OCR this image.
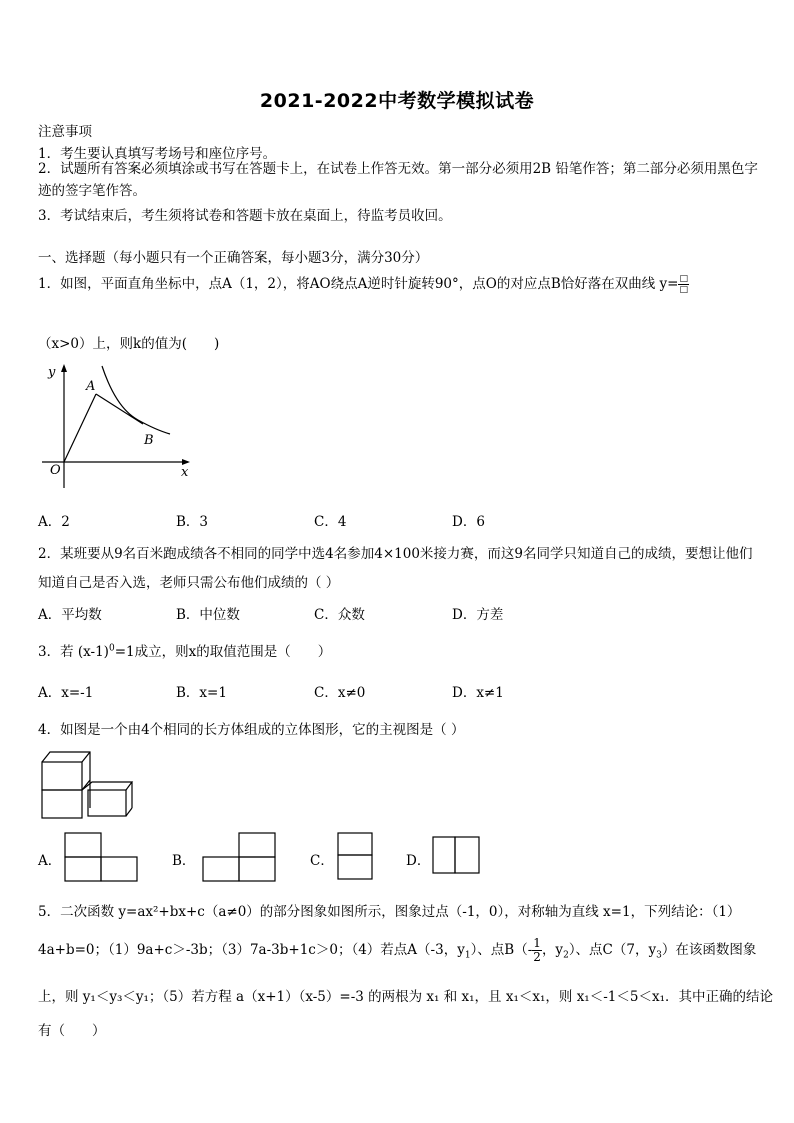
2021-2022中考数学模拟试卷
注意事项
1．考生要认真填写考场号和座位序号。
2．试题所有答案必须填涂或书写在答题卡上，在试卷上作答无效。第一部分必须用2B 铅笔作答；第二部分必须用黑色字迹的签字笔作答。
3．考试结束后，考生须将试卷和答题卡放在桌面上，待监考员收回。
一、选择题（每小题只有一个正确答案，每小题3分，满分30分）
1．如图，平面直角坐标中，点A（1，2），将AO绕点A逆时针旋转90°，点O的对应点B恰好落在双曲线 $y= \frac{□}{□}$
（x>0）上，则k的值为(　　)
y
x
O
A
B
A．2	B．3	C．4	D．6
2．某班要从9名百米跑成绩各不相同的同学中选4名参加4×100米接力赛，而这9名同学只知道自己的成绩，要想让他们知道自己是否入选，老师只需公布他们成绩的（ ）
A．平均数	B．中位数	C．众数	D．方差
3．若 $(x-1)^0=1$成立，则x的取值范围是（　　）
A．x=-1	B．x=1	C．x≠0	D．x≠1
4．如图是一个由4个相同的长方体组成的立体图形，它的主视图是（ ）
A．	B．	C．	D．
5．二次函数 y=ax²+bx+c（a≠0）的部分图象如图所示，图象过点（-1，0），对称轴为直线 x=1，下列结论：（1）
4a+b=0；（1）9a+c＞-3b；（3）7a-3b+1c＞0；（4）若点A（-3，$y_1$）、点$B(- \frac{1}{2}$ ，$y_2$）、点C（7，$y_3$）在该函数图象
上，则 y₁＜y₃＜y₁；（5）若方程 a（x+1）（x-5）=-3 的两根为 x₁ 和 x₁，且 x₁＜x₁，则 x₁＜-1＜5＜x₁．其中正确的结论
有（　　）
